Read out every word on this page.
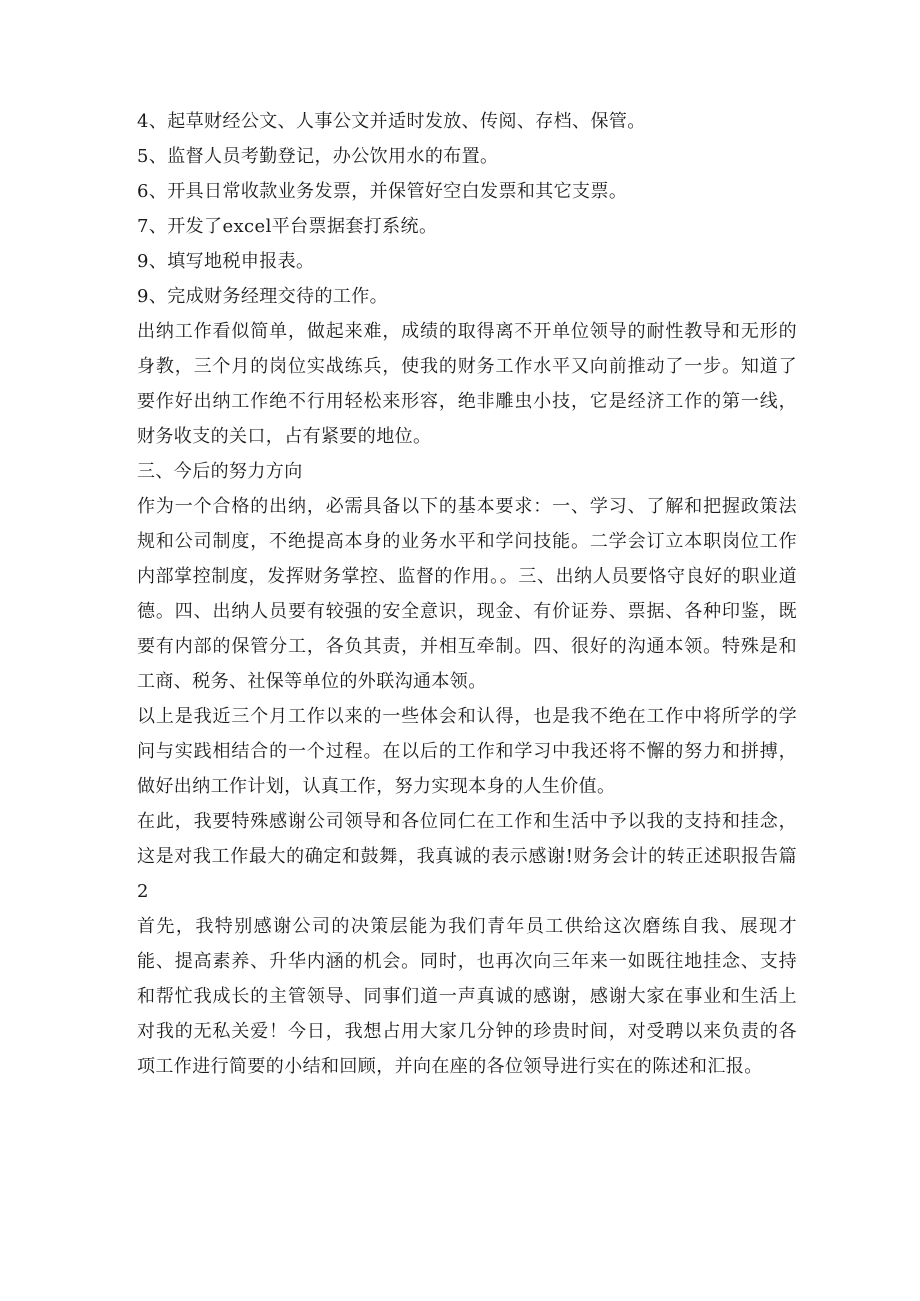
4、起草财经公文、人事公文并适时发放、传阅、存档、保管。

5、监督人员考勤登记，办公饮用水的布置。

6、开具日常收款业务发票，并保管好空白发票和其它支票。

7、开发了excel平台票据套打系统。

9、填写地税申报表。

9、完成财务经理交待的工作。

出纳工作看似简单，做起来难，成绩的取得离不开单位领导的耐性教导和无形的身教，三个月的岗位实战练兵，使我的财务工作水平又向前推动了一步。知道了要作好出纳工作绝不行用轻松来形容，绝非雕虫小技，它是经济工作的第一线，财务收支的关口，占有紧要的地位。

三、今后的努力方向

作为一个合格的出纳，必需具备以下的基本要求：一、学习、了解和把握政策法规和公司制度，不绝提高本身的业务水平和学问技能。二学会订立本职岗位工作内部掌控制度，发挥财务掌控、监督的作用。。三、出纳人员要恪守良好的职业道德。四、出纳人员要有较强的安全意识，现金、有价证券、票据、各种印鉴，既要有内部的保管分工，各负其责，并相互牵制。四、很好的沟通本领。特殊是和工商、税务、社保等单位的外联沟通本领。

以上是我近三个月工作以来的一些体会和认得，也是我不绝在工作中将所学的学问与实践相结合的一个过程。在以后的工作和学习中我还将不懈的努力和拼搏，做好出纳工作计划，认真工作，努力实现本身的人生价值。

在此，我要特殊感谢公司领导和各位同仁在工作和生活中予以我的支持和挂念，这是对我工作最大的确定和鼓舞，我真诚的表示感谢!财务会计的转正述职报告篇2

首先，我特别感谢公司的决策层能为我们青年员工供给这次磨练自我、展现才能、提高素养、升华内涵的机会。同时，也再次向三年来一如既往地挂念、支持和帮忙我成长的主管领导、同事们道一声真诚的感谢，感谢大家在事业和生活上对我的无私关爱！今日，我想占用大家几分钟的珍贵时间，对受聘以来负责的各项工作进行简要的小结和回顾，并向在座的各位领导进行实在的陈述和汇报。
